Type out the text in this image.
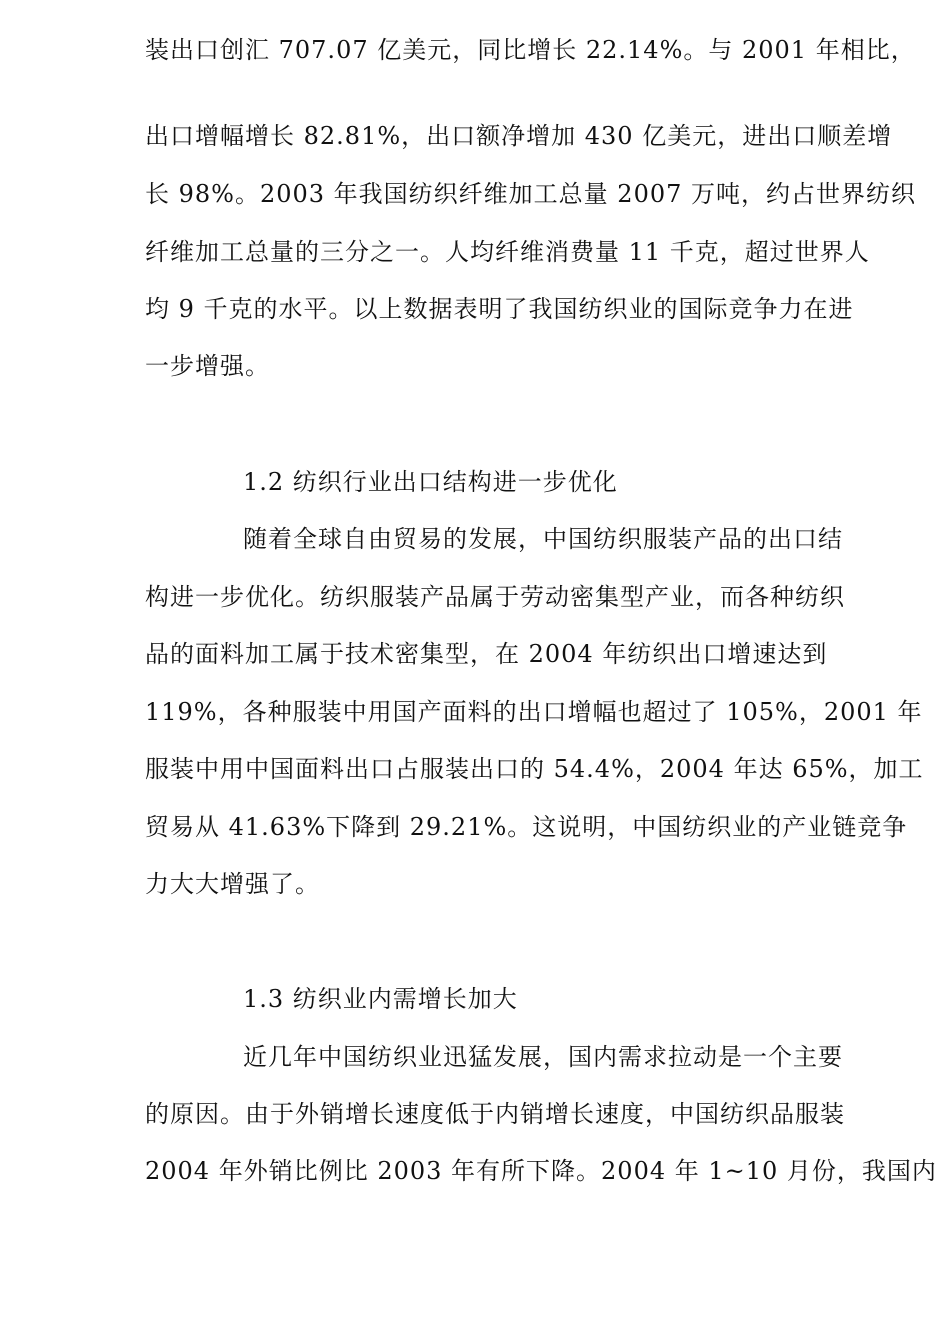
装出口创汇 707.07 亿美元，同比增长 22.14%。与 2001 年相比，
出口增幅增长 82.81%，出口额净增加 430 亿美元，进出口顺差增
长 98%。2003 年我国纺织纤维加工总量 2007 万吨，约占世界纺织
纤维加工总量的三分之一。人均纤维消费量 11 千克，超过世界人
均 9 千克的水平。以上数据表明了我国纺织业的国际竞争力在进
一步增强。
1.2 纺织行业出口结构进一步优化
随着全球自由贸易的发展，中国纺织服装产品的出口结
构进一步优化。纺织服装产品属于劳动密集型产业，而各种纺织
品的面料加工属于技术密集型，在 2004 年纺织出口增速达到
119%，各种服装中用国产面料的出口增幅也超过了 105%，2001 年
服装中用中国面料出口占服装出口的 54.4%，2004 年达 65%，加工
贸易从 41.63%下降到 29.21%。这说明，中国纺织业的产业链竞争
力大大增强了。
1.3 纺织业内需增长加大
近几年中国纺织业迅猛发展，国内需求拉动是一个主要
的原因。由于外销增长速度低于内销增长速度，中国纺织品服装
2004 年外销比例比 2003 年有所下降。2004 年 1~10 月份，我国内
